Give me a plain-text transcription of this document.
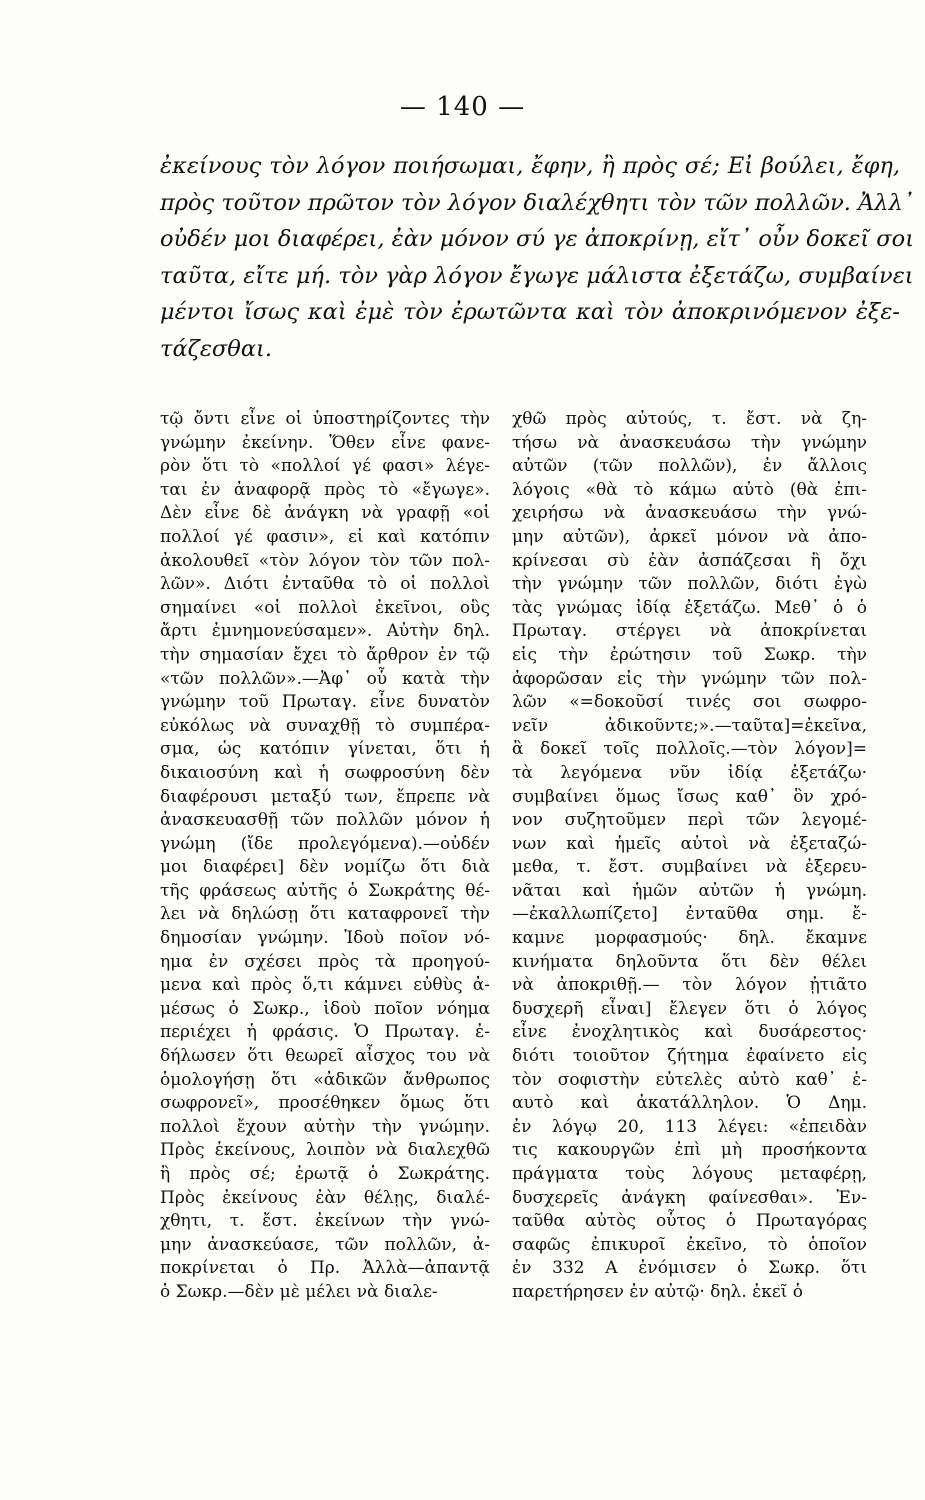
— 140 —
ἐκείνους τὸν λόγον ποιήσωμαι, ἔφην, ἢ πρὸς σέ; Εἰ βούλει, ἔφη,
πρὸς τοῦτον πρῶτον τὸν λόγον διαλέχθητι τὸν τῶν πολλῶν. Ἀλλ᾿
οὐδέν μοι διαφέρει, ἐὰν μόνον σύ γε ἀποκρίνῃ, εἴτ᾿ οὖν δοκεῖ σοι
ταῦτα, εἴτε μή. τὸν γὰρ λόγον ἔγωγε μάλιστα ἐξετάζω, συμβαίνει
μέντοι ἴσως καὶ ἐμὲ τὸν ἐρωτῶντα καὶ τὸν ἀποκρινόμενον ἐξε-
τάζεσθαι.
τῷ ὄντι εἶνε οἱ ὑποστηρίζοντες τὴν
γνώμην ἐκείνην. Ὅθεν εἶνε φανε-
ρὸν ὅτι τὸ «πολλοί γέ φασι» λέγε-
ται ἐν ἀναφορᾷ πρὸς τὸ «ἔγωγε».
Δὲν εἶνε δὲ ἀνάγκη νὰ γραφῇ «οἱ
πολλοί γέ φασιν», εἰ καὶ κατόπιν
ἀκολουθεῖ «τὸν λόγον τὸν τῶν πολ-
λῶν». Διότι ἐνταῦθα τὸ οἱ πολλοὶ
σημαίνει «οἱ πολλοὶ ἐκεῖνοι, οὓς
ἄρτι ἐμνημονεύσαμεν». Αὐτὴν δηλ.
τὴν σημασίαν ἔχει τὸ ἄρθρον ἐν τῷ
«τῶν πολλῶν».—Ἀφ᾿ οὗ κατὰ τὴν
γνώμην τοῦ Πρωταγ. εἶνε δυνατὸν
εὐκόλως νὰ συναχθῇ τὸ συμπέρα-
σμα, ὡς κατόπιν γίνεται, ὅτι ἡ
δικαιοσύνη καὶ ἡ σωφροσύνη δὲν
διαφέρουσι μεταξύ των, ἔπρεπε νὰ
ἀνασκευασθῇ τῶν πολλῶν μόνον ἡ
γνώμη (ἴδε προλεγόμενα).—οὐδέν
μοι διαφέρει] δὲν νομίζω ὅτι διὰ
τῆς φράσεως αὐτῆς ὁ Σωκράτης θέ-
λει νὰ δηλώσῃ ὅτι καταφρονεῖ τὴν
δημοσίαν γνώμην. Ἰδοὺ ποῖον νό-
ημα ἐν σχέσει πρὸς τὰ προηγού-
μενα καὶ πρὸς ὅ,τι κάμνει εὐθὺς ἀ-
μέσως ὁ Σωκρ., ἰδοὺ ποῖον νόημα
περιέχει ἡ φράσις. Ὁ Πρωταγ. ἐ-
δήλωσεν ὅτι θεωρεῖ αἶσχος του νὰ
ὁμολογήσῃ ὅτι «ἀδικῶν ἄνθρωπος
σωφρονεῖ», προσέθηκεν ὅμως ὅτι
πολλοὶ ἔχουν αὐτὴν τὴν γνώμην.
Πρὸς ἐκείνους, λοιπὸν νὰ διαλεχθῶ
ἢ πρὸς σέ; ἐρωτᾷ ὁ Σωκράτης.
Πρὸς ἐκείνους ἐὰν θέλῃς, διαλέ-
χθητι, τ. ἔστ. ἐκείνων τὴν γνώ-
μην ἀνασκεύασε, τῶν πολλῶν, ἀ-
ποκρίνεται ὁ Πρ. Ἀλλὰ—ἀπαντᾷ
ὁ Σωκρ.—δὲν μὲ μέλει νὰ διαλε-
χθῶ πρὸς αὐτούς, τ. ἔστ. νὰ ζη-
τήσω νὰ ἀνασκευάσω τὴν γνώμην
αὐτῶν (τῶν πολλῶν), ἐν ἄλλοις
λόγοις «θὰ τὸ κάμω αὐτὸ (θὰ ἐπι-
χειρήσω νὰ ἀνασκευάσω τὴν γνώ-
μην αὐτῶν), ἀρκεῖ μόνον νὰ ἀπο-
κρίνεσαι σὺ ἐὰν ἀσπάζεσαι ἢ ὄχι
τὴν γνώμην τῶν πολλῶν, διότι ἐγὼ
τὰς γνώμας ἰδίᾳ ἐξετάζω. Μεθ᾿ ὁ ὁ
Πρωταγ. στέργει νὰ ἀποκρίνεται
εἰς τὴν ἐρώτησιν τοῦ Σωκρ. τὴν
ἀφορῶσαν εἰς τὴν γνώμην τῶν πολ-
λῶν «=δοκοῦσί τινές σοι σωφρο-
νεῖν ἀδικοῦντε;».—ταῦτα]=ἐκεῖνα,
ἃ δοκεῖ τοῖς πολλοῖς.—τὸν λόγον]=
τὰ λεγόμενα νῦν ἰδίᾳ ἐξετάζω·
συμβαίνει ὅμως ἴσως καθ᾿ ὃν χρό-
νον συζητοῦμεν περὶ τῶν λεγομέ-
νων καὶ ἡμεῖς αὐτοὶ νὰ ἐξεταζώ-
μεθα, τ. ἔστ. συμβαίνει νὰ ἐξερευ-
νᾶται καὶ ἡμῶν αὐτῶν ἡ γνώμη.
—ἐκαλλωπίζετο] ἐνταῦθα σημ. ἔ-
καμνε μορφασμούς· δηλ. ἔκαμνε
κινήματα δηλοῦντα ὅτι δὲν θέλει
νὰ ἀποκριθῇ.— τὸν λόγον ᾐτιᾶτο
δυσχερῆ εἶναι] ἔλεγεν ὅτι ὁ λόγος
εἶνε ἐνοχλητικὸς καὶ δυσάρεστος·
διότι τοιοῦτον ζήτημα ἐφαίνετο εἰς
τὸν σοφιστὴν εὐτελὲς αὐτὸ καθ᾿ ἑ-
αυτὸ καὶ ἀκατάλληλον. Ὁ Δημ.
ἐν λόγῳ 20, 113 λέγει: «ἐπειδὰν
τις κακουργῶν ἐπὶ μὴ προσήκοντα
πράγματα τοὺς λόγους μεταφέρῃ,
δυσχερεῖς ἀνάγκη φαίνεσθαι». Ἐν-
ταῦθα αὐτὸς οὗτος ὁ Πρωταγόρας
σαφῶς ἐπικυροῖ ἐκεῖνο, τὸ ὁποῖον
ἐν 332 Α ἐνόμισεν ὁ Σωκρ. ὅτι
παρετήρησεν ἐν αὐτῷ· δηλ. ἐκεῖ ὁ
